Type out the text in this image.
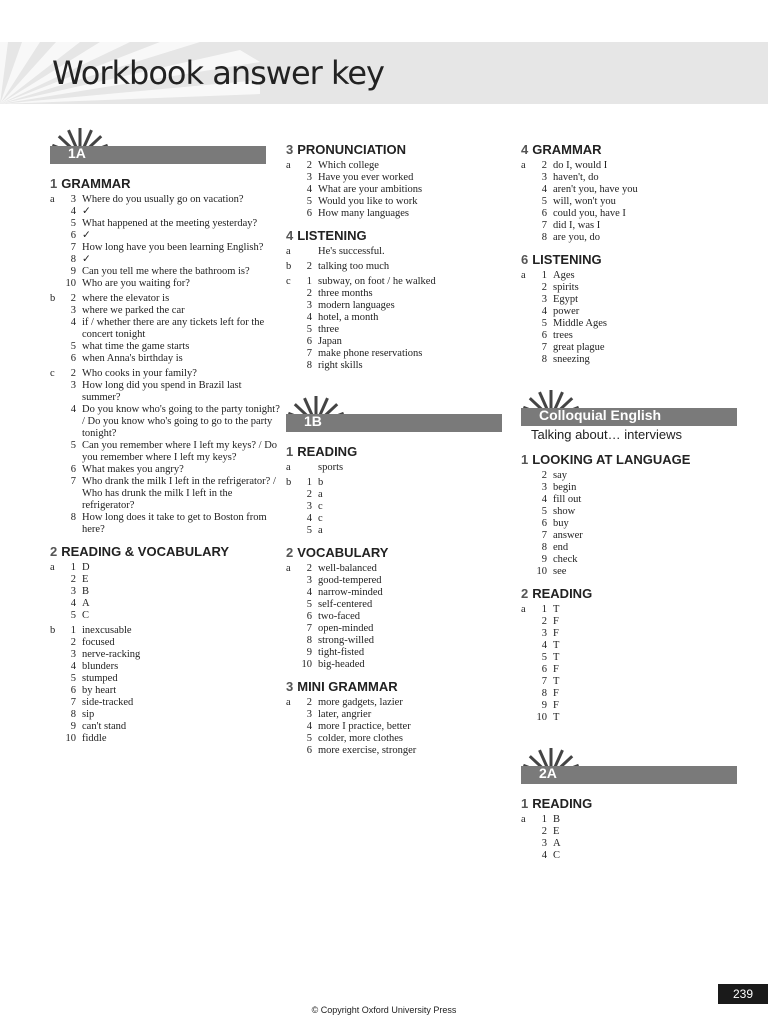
Workbook answer key
1A
1 GRAMMAR
a	3 Where do you usually go on vacation?
4 ✓
5 What happened at the meeting yesterday?
6 ✓
7 How long have you been learning English?
8 ✓
9 Can you tell me where the bathroom is?
10 Who are you waiting for?
b	2 where the elevator is
3 where we parked the car
4 if / whether there are any tickets left for the concert tonight
5 what time the game starts
6 when Anna's birthday is
c	2 Who cooks in your family?
3 How long did you spend in Brazil last summer?
4 Do you know who's going to the party tonight? / Do you know who's going to go to the party tonight?
5 Can you remember where I left my keys? / Do you remember where I left my keys?
6 What makes you angry?
7 Who drank the milk I left in the refrigerator? / Who has drunk the milk I left in the refrigerator?
8 How long does it take to get to Boston from here?
2 READING & VOCABULARY
a	1 D
2 E
3 B
4 A
5 C
b	1 inexcusable
2 focused
3 nerve-racking
4 blunders
5 stumped
6 by heart
7 side-tracked
8 sip
9 can't stand
10 fiddle
3 PRONUNCIATION
a	2 Which college
3 Have you ever worked
4 What are your ambitions
5 Would you like to work
6 How many languages
4 LISTENING
a	He's successful.
b	2 talking too much
c	1 subway, on foot / he walked
2 three months
3 modern languages
4 hotel, a month
5 three
6 Japan
7 make phone reservations
8 right skills
1B
1 READING
a	sports
b	1 b
2 a
3 c
4 c
5 a
2 VOCABULARY
a	2 well-balanced
3 good-tempered
4 narrow-minded
5 self-centered
6 two-faced
7 open-minded
8 strong-willed
9 tight-fisted
10 big-headed
3 MINI GRAMMAR
a	2 more gadgets, lazier
3 later, angrier
4 more I practice, better
5 colder, more clothes
6 more exercise, stronger
4 GRAMMAR
a	2 do I, would I
3 haven't, do
4 aren't you, have you
5 will, won't you
6 could you, have I
7 did I, was I
8 are you, do
6 LISTENING
a	1 Ages
2 spirits
3 Egypt
4 power
5 Middle Ages
6 trees
7 great plague
8 sneezing
Colloquial English
Talking about… interviews
1 LOOKING AT LANGUAGE
2 say
3 begin
4 fill out
5 show
6 buy
7 answer
8 end
9 check
10 see
2 READING
a	1 T
2 F
3 F
4 T
5 T
6 F
7 T
8 F
9 F
10 T
2A
1 READING
a	1 B
2 E
3 A
4 C
239
© Copyright Oxford University Press
